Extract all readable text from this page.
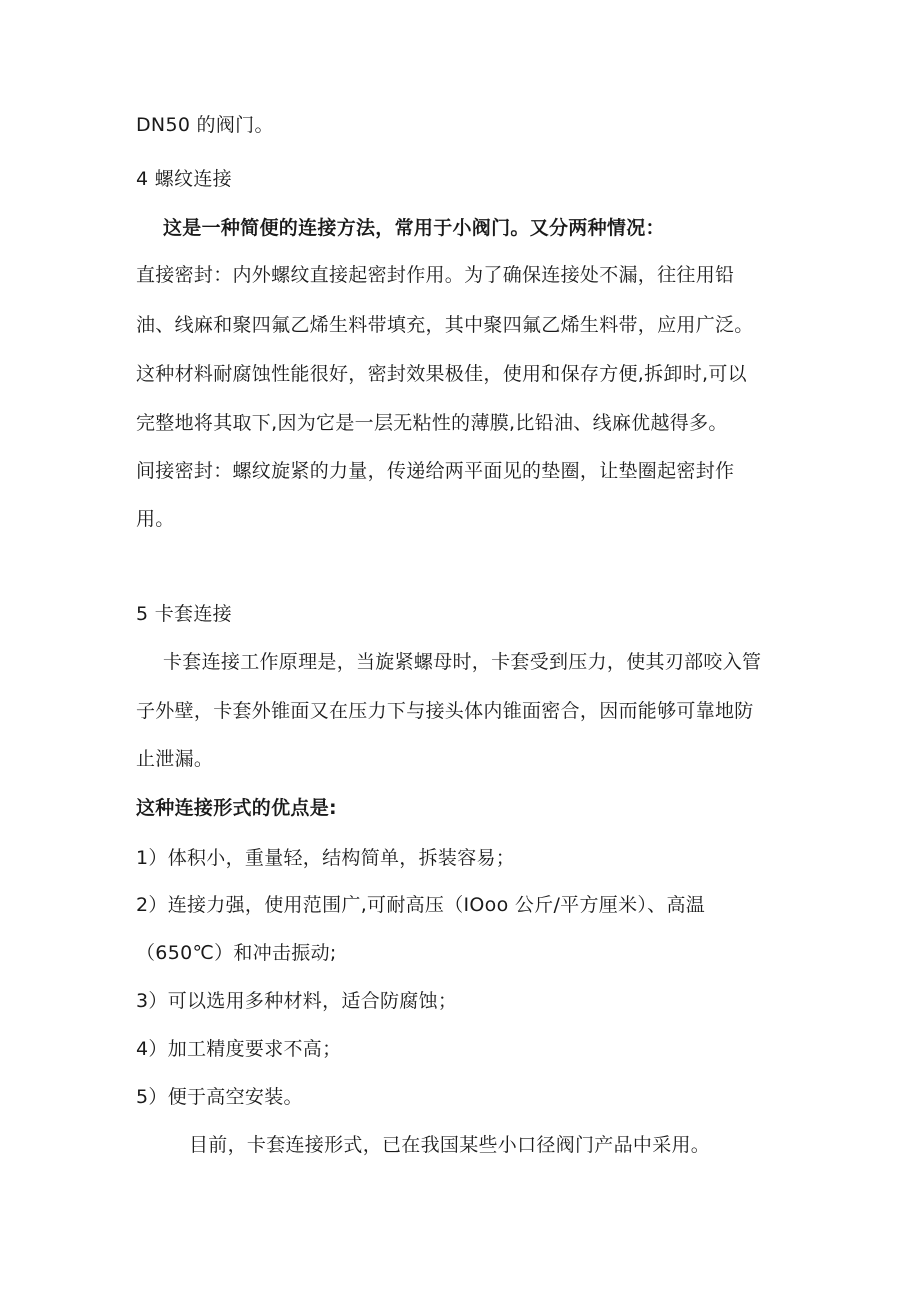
DN50 的阀门。
4 螺纹连接
这是一种简便的连接方法，常用于小阀门。又分两种情况：
直接密封：内外螺纹直接起密封作用。为了确保连接处不漏，往往用铅
油、线麻和聚四氟乙烯生料带填充，其中聚四氟乙烯生料带，应用广泛。
这种材料耐腐蚀性能很好，密封效果极佳，使用和保存方便,拆卸时,可以
完整地将其取下,因为它是一层无粘性的薄膜,比铅油、线麻优越得多。
间接密封：螺纹旋紧的力量，传递给两平面见的垫圈，让垫圈起密封作
用。
5 卡套连接
卡套连接工作原理是，当旋紧螺母时，卡套受到压力，使其刃部咬入管
子外壁，卡套外锥面又在压力下与接头体内锥面密合，因而能够可靠地防
止泄漏。
这种连接形式的优点是:
1）体积小，重量轻，结构简单，拆装容易；
2）连接力强，使用范围广,可耐高压（IOoo 公斤/平方厘米）、高温
（650℃）和冲击振动;
3）可以选用多种材料，适合防腐蚀；
4）加工精度要求不高；
5）便于高空安装。
目前，卡套连接形式，已在我国某些小口径阀门产品中采用。
